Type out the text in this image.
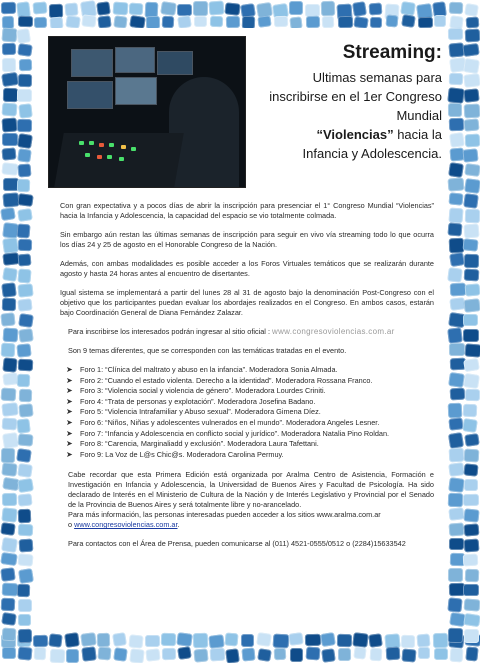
Streaming:
Ultimas semanas para
inscribirse en el 1er Congreso Mundial
“Violencias” hacia la
Infancia y Adolescencia.

Con gran expectativa y a pocos días de abrir la inscripción para presenciar el 1° Congreso Mundial “Violencias” hacia la Infancia y Adolescencia, la capacidad del espacio se vio totalmente colmada.

Sin embargo aún restan las últimas semanas de inscripción para seguir en vivo vía streaming todo lo que ocurra los días 24 y 25 de agosto en el Honorable Congreso de la Nación.

Además, con ambas modalidades es posible acceder a los Foros Virtuales temáticos que se realizarán durante agosto y hasta 24 horas antes al encuentro de disertantes.

Igual sistema se implementará a partir del lunes 28 al 31 de agosto bajo la denominación Post-Congreso con el objetivo que los participantes puedan evaluar los abordajes realizados en el Congreso. En ambos casos, estarán bajo Coordinación General de Diana Fernández Zalazar.

Para inscribirse los interesados podrán ingresar al sitio oficial : www.congresoviolencias.com.ar

Son 9 temas diferentes, que se corresponden con las temáticas tratadas en el evento.

➤ Foro 1: “Clínica del maltrato y abuso en la infancia”. Moderadora Sonia Almada.
➤ Foro 2: “Cuando el estado violenta. Derecho a la identidad”. Moderadora Rossana Franco.
➤ Foro 3: “Violencia social y violencia de género”. Moderadora Lourdes Criniti.
➤ Foro 4: “Trata de personas y explotación”. Moderadora Josefina Badano.
➤ Foro 5: “Violencia Intrafamiliar y Abuso sexual”. Moderadora Gimena Díez.
➤ Foro 6: “Niños, Niñas y adolescentes vulnerados en el mundo”. Moderadora Angeles Lesner.
➤ Foro 7: “Infancia y Adolescencia en conflicto social y jurídico”. Moderadora Natalia Pino Roldan.
➤ Foro 8: “Carencia, Marginaliadd y exclusión”. Moderadora Laura Tafettani.
➤ Foro 9: La Voz de L@s Chic@s. Moderadora Carolina Permuy.

Cabe recordar que esta Primera Edición está organizada por Aralma Centro de Asistencia, Formación e Investigación en Infancia y Adolescencia, la Universidad de Buenos Aires y Facultad de Psicología. Ha sido declarado de Interés en el Ministerio de Cultura de la Nación y de Interés Legislativo y Provincial por el Senado de la Provincia de Buenos Aires y será totalmente libre y no-arancelado.

Para más información, las personas interesadas pueden acceder a los sitios www.aralma.com.ar
o www.congresoviolencias.com.ar.

Para contactos con el Área de Prensa, pueden comunicarse al (011) 4521-0555/0512 o (2284)15633542
